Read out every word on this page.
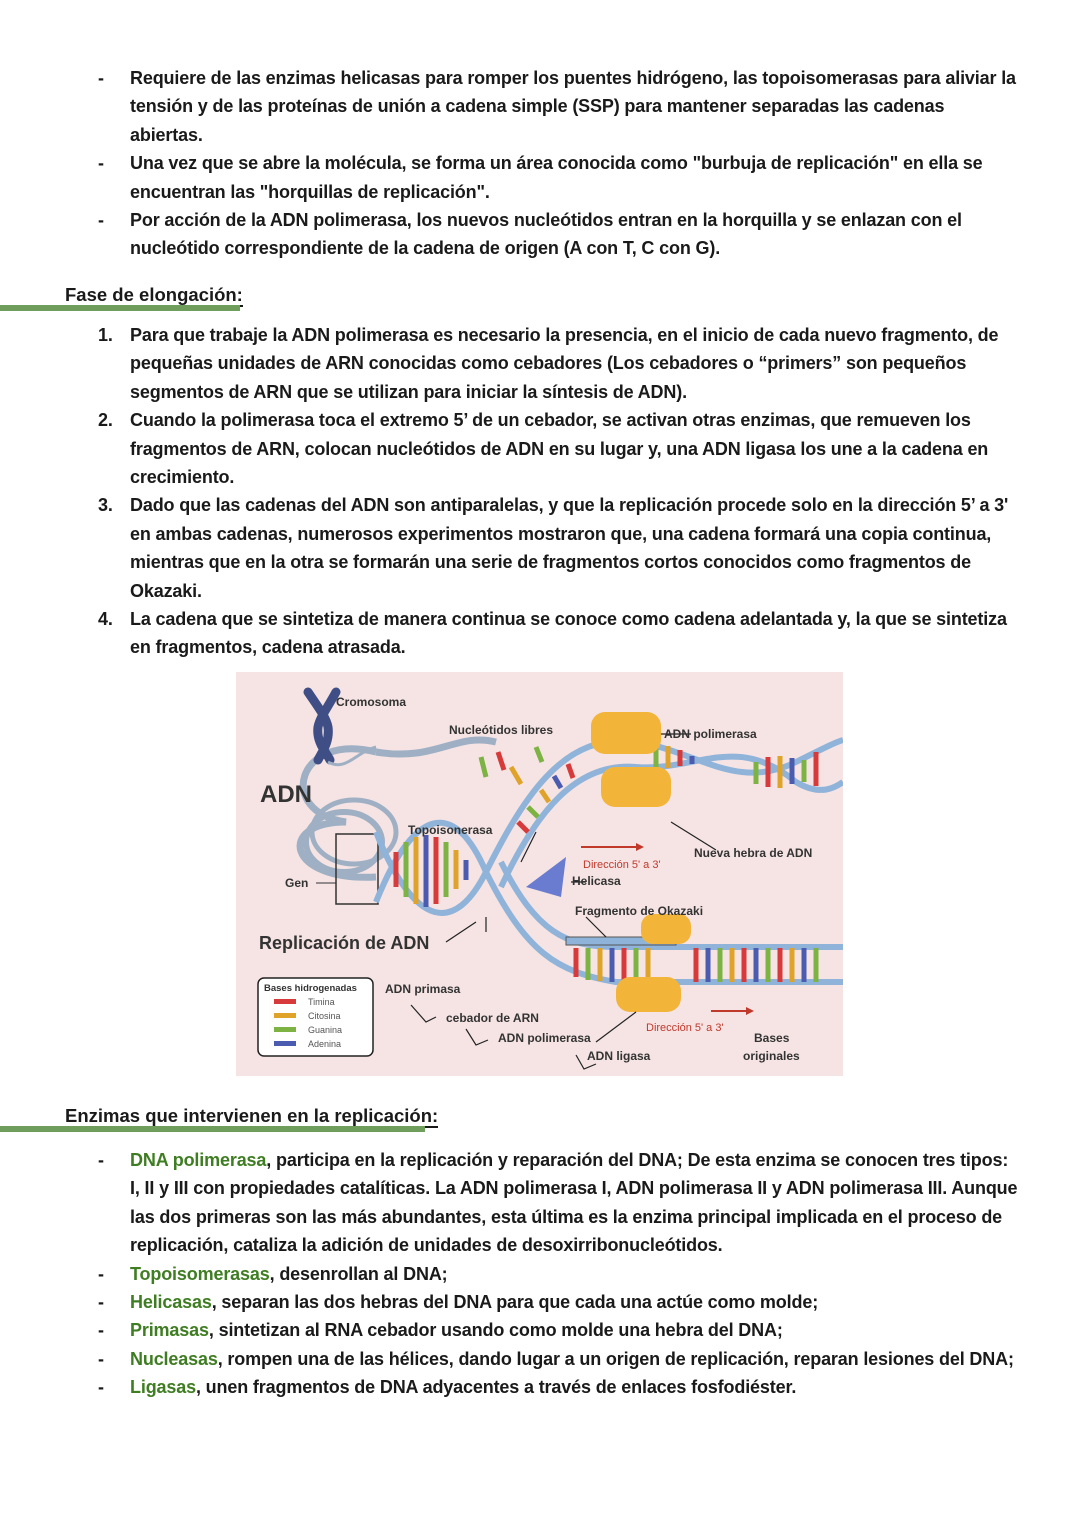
- Requiere de las enzimas helicasas para romper los puentes hidrógeno, las topoisomerasas para aliviar la tensión y de las proteínas de unión a cadena simple (SSP) para mantener separadas las cadenas abiertas.
- Una vez que se abre la molécula, se forma un área conocida como "burbuja de replicación" en ella se encuentran las "horquillas de replicación".
- Por acción de la ADN polimerasa, los nuevos nucleótidos entran en la horquilla y se enlazan con el nucleótido correspondiente de la cadena de origen (A con T, C con G).
Fase de elongación:
1. Para que trabaje la ADN polimerasa es necesario la presencia, en el inicio de cada nuevo fragmento, de pequeñas unidades de ARN conocidas como cebadores (Los cebadores o “primers” son pequeños segmentos de ARN que se utilizan para iniciar la síntesis de ADN).
2. Cuando la polimerasa toca el extremo 5’ de un cebador, se activan otras enzimas, que remueven los fragmentos de ARN, colocan nucleótidos de ADN en su lugar y, una ADN ligasa los une a la cadena en crecimiento.
3. Dado que las cadenas del ADN son antiparalelas, y que la replicación procede solo en la dirección 5’ a 3' en ambas cadenas, numerosos experimentos mostraron que, una cadena formará una copia continua, mientras que en la otra se formarán una serie de fragmentos cortos conocidos como fragmentos de Okazaki.
4. La cadena que se sintetiza de manera continua se conoce como cadena adelantada y, la que se sintetiza en fragmentos, cadena atrasada.
Bases hidrogenadas
Timina
Citosina
Guanina
Adenina
Cromosoma
Nucleótidos libres	ADN polimerasa
ADN
Topoisonerasa
Nueva hebra de ADN
Dirección 5' a 3'
Helicasa
Gen
Fragmento de Okazaki
Replicación de ADN
ADN primasa
cebador de ARN
ADN polimerasa
ADN ligasa
Dirección 5' a 3'
Bases
originales
Enzimas que intervienen en la replicación:
- DNA polimerasa, participa en la replicación y reparación del DNA; De esta enzima se conocen tres tipos: I, II y III con propiedades catalíticas. La ADN polimerasa I, ADN polimerasa II y ADN polimerasa III. Aunque las dos primeras son las más abundantes, esta última es la enzima principal implicada en el proceso de replicación, cataliza la adición de unidades de desoxirribonucleótidos.
- Topoisomerasas, desenrollan al DNA;
- Helicasas, separan las dos hebras del DNA para que cada una actúe como molde;
- Primasas, sintetizan al RNA cebador usando como molde una hebra del DNA;
- Nucleasas, rompen una de las hélices, dando lugar a un origen de replicación, reparan lesiones del DNA;
- Ligasas, unen fragmentos de DNA adyacentes a través de enlaces fosfodiéster.
